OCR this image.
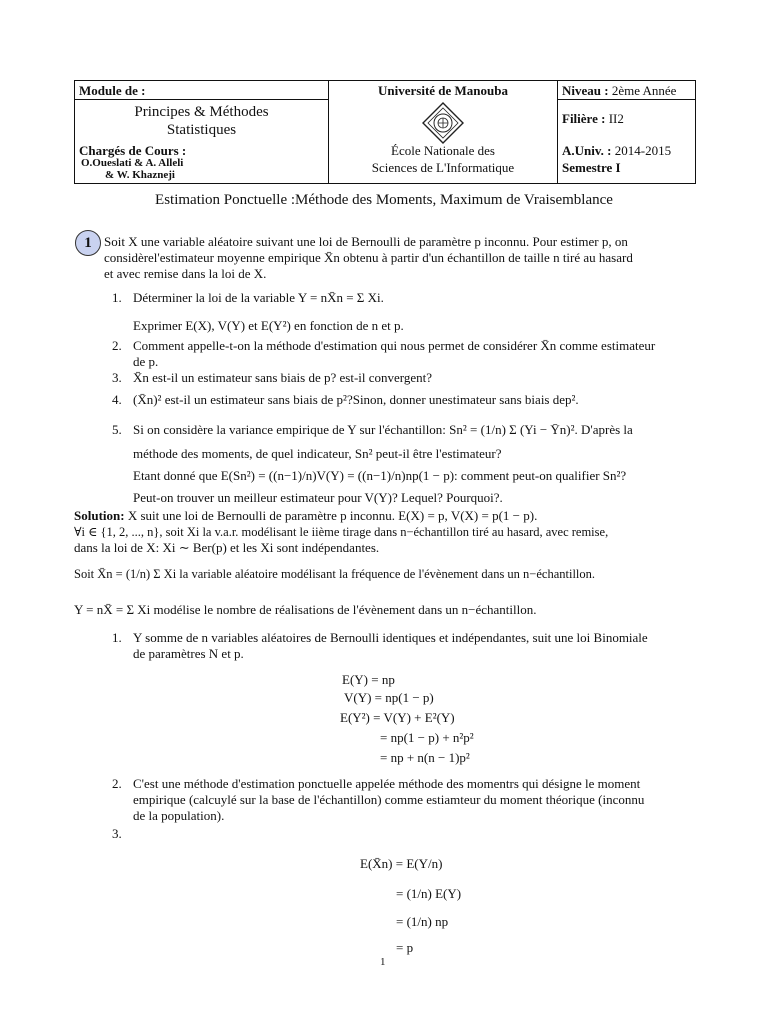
Module de :
Principes & Méthodes
Statistiques
Chargés de Cours :
O.Oueslati & A. Alleli
& W. Khazneji
Université de Manouba
École Nationale des
Sciences de L'Informatique
Niveau : 2ème Année
Filière : II2
A.Univ. : 2014-2015
Semestre I
Estimation Ponctuelle :Méthode des Moments, Maximum de Vraisemblance
1 Soit X une variable aléatoire suivant une loi de Bernoulli de paramètre p inconnu. Pour estimer p, on
considèrel'estimateur moyenne empirique X̄n obtenu à partir d'un échantillon de taille n tiré au hasard
et avec remise dans la loi de X.
1. Déterminer la loi de la variable Y = nX̄n = Σ Xi.
Exprimer E(X), V(Y) et E(Y²) en fonction de n et p.
2. Comment appelle-t-on la méthode d'estimation qui nous permet de considérer X̄n comme estimateur
de p.
3. X̄n est-il un estimateur sans biais de p? est-il convergent?
4. (X̄n)² est-il un estimateur sans biais de p²?Sinon, donner unestimateur sans biais dep².
5. Si on considère la variance empirique de Y sur l'échantillon: Sn² = (1/n) Σ (Yi − Ȳn)². D'après la
méthode des moments, de quel indicateur, Sn² peut-il être l'estimateur?
Etant donné que E(Sn²) = ((n−1)/n)V(Y) = ((n−1)/n)np(1 − p): comment peut-on qualifier Sn²?
Peut-on trouver un meilleur estimateur pour V(Y)? Lequel? Pourquoi?.
Solution: X suit une loi de Bernoulli de paramètre p inconnu. E(X) = p, V(X) = p(1 − p).
∀i ∈ {1, 2, ..., n}, soit Xi la v.a.r. modélisant le iième tirage dans n−échantillon tiré au hasard, avec remise,
dans la loi de X: Xi ∼ Ber(p) et les Xi sont indépendantes.
Soit X̄n = (1/n) Σ Xi la variable aléatoire modélisant la fréquence de l'évènement dans un n−échantillon.
Y = nX̄ = Σ Xi modélise le nombre de réalisations de l'évènement dans un n−échantillon.
1. Y somme de n variables aléatoires de Bernoulli identiques et indépendantes, suit une loi Binomiale
de paramètres N et p.
E(Y) = np
V(Y) = np(1 − p)
E(Y²) = V(Y) + E²(Y)
= np(1 − p) + n²p²
= np + n(n − 1)p²
2. C'est une méthode d'estimation ponctuelle appelée méthode des momentrs qui désigne le moment
empirique (calcuylé sur la base de l'échantillon) comme estiamteur du moment théorique (inconnu
de la population).
3.
E(X̄n) = E(Y/n)
= (1/n) E(Y)
= (1/n) np
= p
1
